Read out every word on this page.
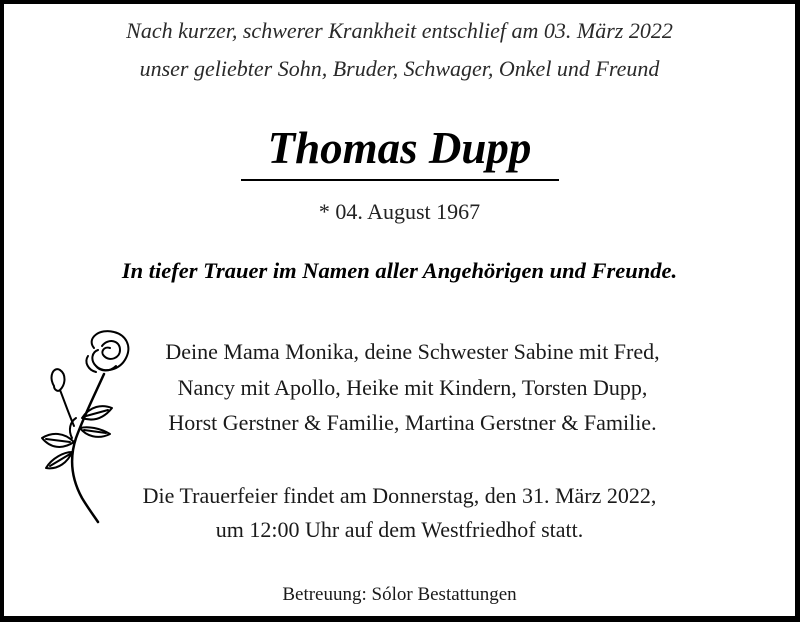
Nach kurzer, schwerer Krankheit entschlief am 03. März 2022
unser geliebter Sohn, Bruder, Schwager, Onkel und Freund
Thomas Dupp
* 04. August 1967
In tiefer Trauer im Namen aller Angehörigen und Freunde.
Deine Mama Monika, deine Schwester Sabine mit Fred,
Nancy mit Apollo, Heike mit Kindern, Torsten Dupp,
Horst Gerstner & Familie, Martina Gerstner & Familie.
Die Trauerfeier findet am Donnerstag, den 31. März 2022,
um 12:00 Uhr auf dem Westfriedhof statt.
Betreuung: Sólor Bestattungen
